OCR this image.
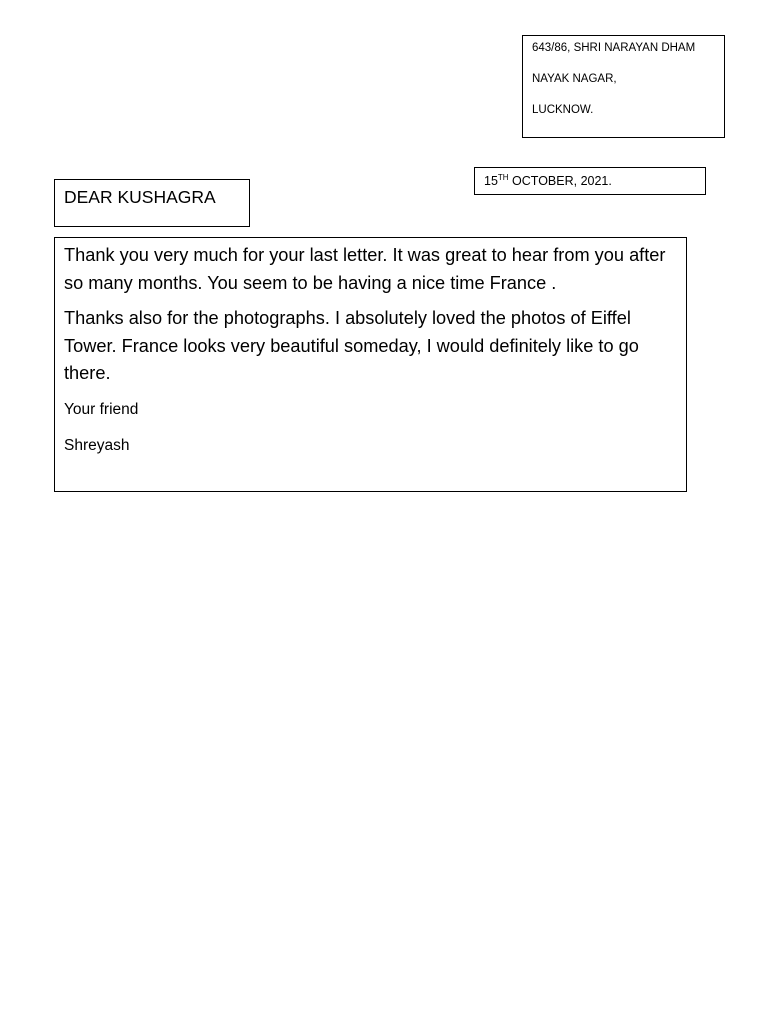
643/86, SHRI NARAYAN DHAM

NAYAK NAGAR,

LUCKNOW.

15TH OCTOBER, 2021.
DEAR KUSHAGRA

Thank you very much for your last letter. It was great to hear from you after so many months. You seem to be having a nice time France .

Thanks also for the photographs. I absolutely loved the photos of Eiffel Tower. France looks very beautiful someday, I would definitely like to go there.

Your friend

Shreyash
